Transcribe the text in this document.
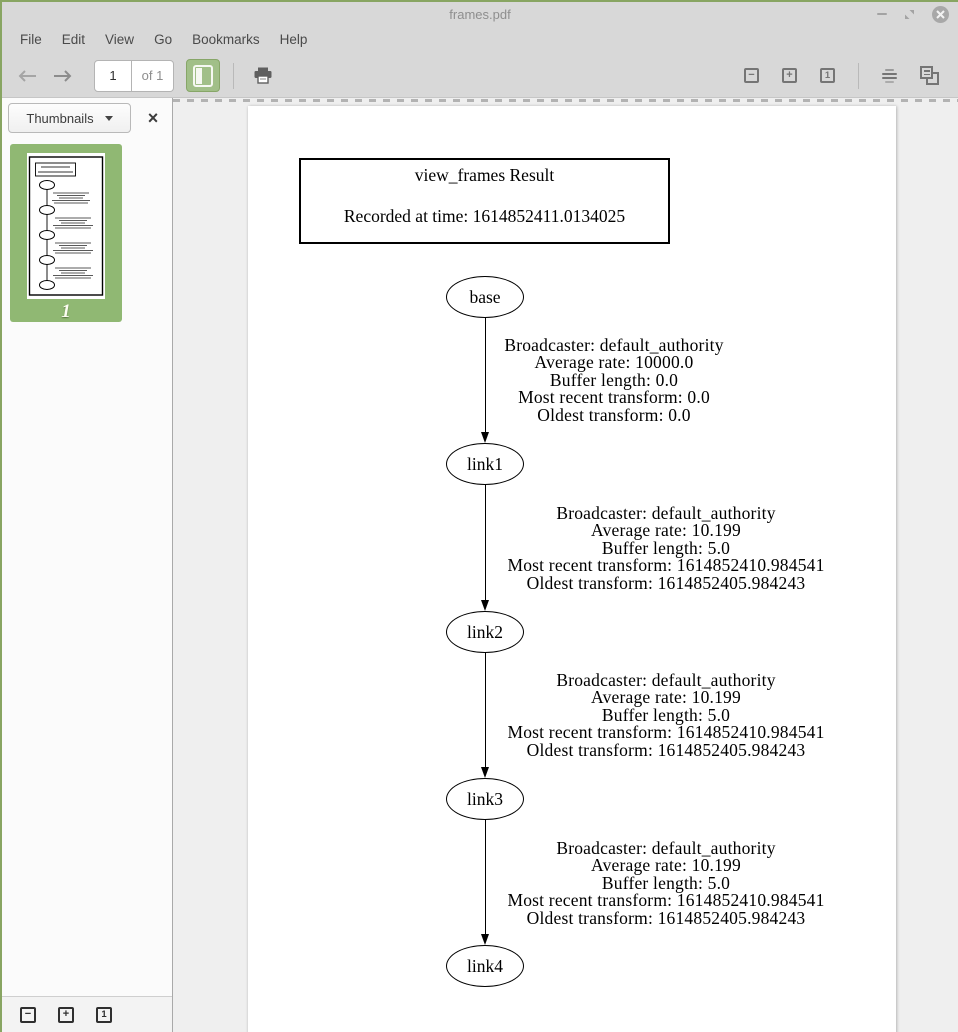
frames.pdf
File	Edit	View	Go	Bookmarks	Help
1
of 1	−	+	1
Thumbnails	×
1
−	+	1
view_frames Result
Recorded at time: 1614852411.0134025
base
link1
link2
link3
link4
Broadcaster: default_authority
Average rate: 10000.0
Buffer length: 0.0
Most recent transform: 0.0
Oldest transform: 0.0
Broadcaster: default_authority
Average rate: 10.199
Buffer length: 5.0
Most recent transform: 1614852410.984541
Oldest transform: 1614852405.984243
Broadcaster: default_authority
Average rate: 10.199
Buffer length: 5.0
Most recent transform: 1614852410.984541
Oldest transform: 1614852405.984243
Broadcaster: default_authority
Average rate: 10.199
Buffer length: 5.0
Most recent transform: 1614852410.984541
Oldest transform: 1614852405.984243
